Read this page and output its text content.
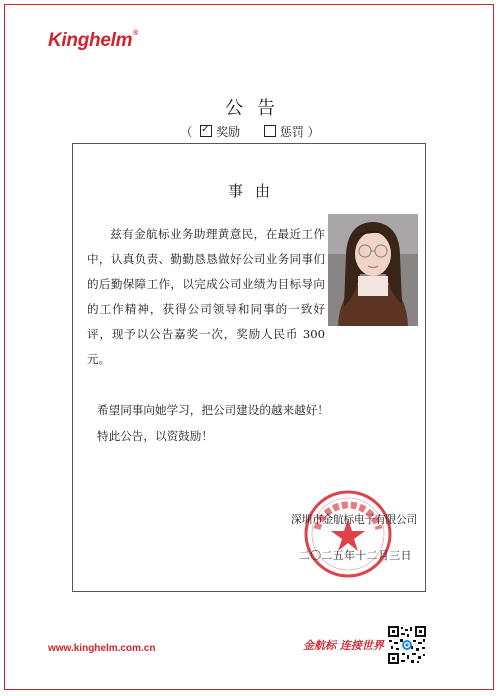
Kinghelm®
公告
（ ✓ 奖励	惩罚 ）
事由

兹有金航标业务助理黄意民，在最近工作中，认真负责、勤勤恳恳做好公司业务同事们的后勤保障工作，以完成公司业绩为目标导向的工作精神，获得公司领导和同事的一致好评，现予以公告嘉奖一次，奖励人民币 300 元。

希望同事向她学习，把公司建设的越来越好！
特此公告，以资鼓励！
深圳市金航标电子有限公司
二〇二五年十二月三日
www.kinghelm.com.cn	金航标 连接世界
